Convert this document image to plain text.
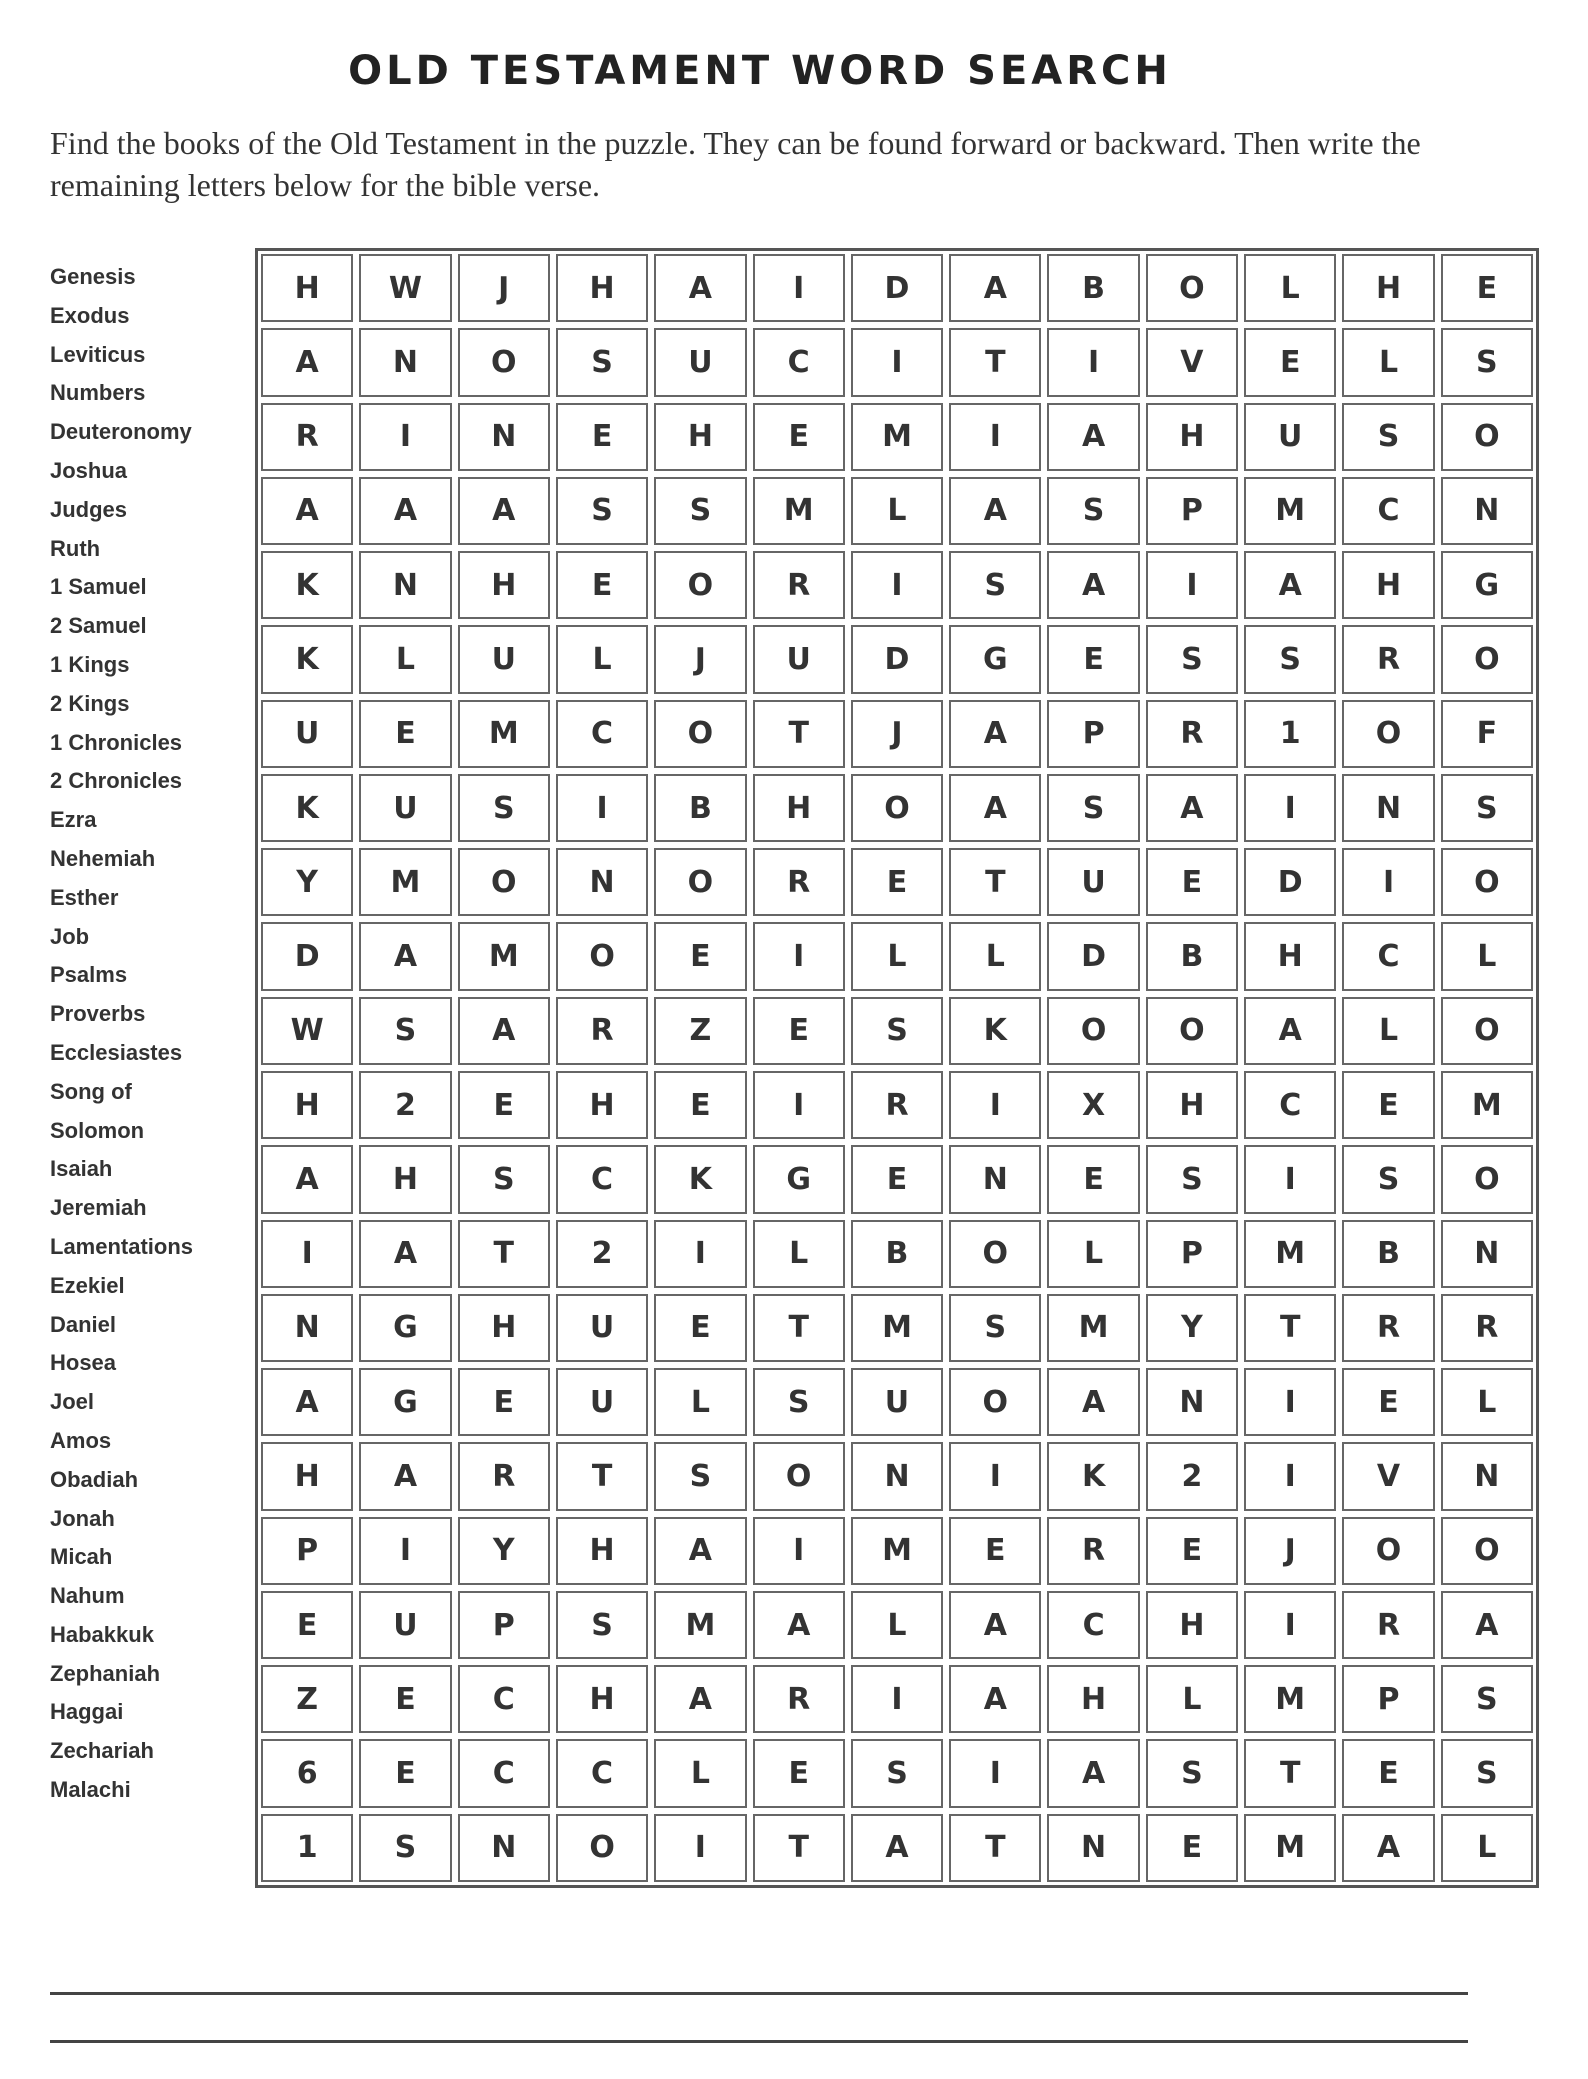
OLD TESTAMENT WORD SEARCH
Find the books of the Old Testament in the puzzle. They can be found forward or backward. Then write the remaining letters below for the bible verse.
Genesis
Exodus
Leviticus
Numbers
Deuteronomy
Joshua
Judges
Ruth
1 Samuel
2 Samuel
1 Kings
2 Kings
1 Chronicles
2 Chronicles
Ezra
Nehemiah
Esther
Job
Psalms
Proverbs
Ecclesiastes
Song of
Solomon
Isaiah
Jeremiah
Lamentations
Ezekiel
Daniel
Hosea
Joel
Amos
Obadiah
Jonah
Micah
Nahum
Habakkuk
Zephaniah
Haggai
Zechariah
Malachi
H	W	J	H	A	I	D	A	B	O	L	H	E
A	N	O	S	U	C	I	T	I	V	E	L	S
R	I	N	E	H	E	M	I	A	H	U	S	O
A	A	A	S	S	M	L	A	S	P	M	C	N
K	N	H	E	O	R	I	S	A	I	A	H	G
K	L	U	L	J	U	D	G	E	S	S	R	O
U	E	M	C	O	T	J	A	P	R	1	O	F
K	U	S	I	B	H	O	A	S	A	I	N	S
Y	M	O	N	O	R	E	T	U	E	D	I	O
D	A	M	O	E	I	L	L	D	B	H	C	L
W	S	A	R	Z	E	S	K	O	O	A	L	O
H	2	E	H	E	I	R	I	X	H	C	E	M
A	H	S	C	K	G	E	N	E	S	I	S	O
I	A	T	2	I	L	B	O	L	P	M	B	N
N	G	H	U	E	T	M	S	M	Y	T	R	R
A	G	E	U	L	S	U	O	A	N	I	E	L
H	A	R	T	S	O	N	I	K	2	I	V	N
P	I	Y	H	A	I	M	E	R	E	J	O	O
E	U	P	S	M	A	L	A	C	H	I	R	A
Z	E	C	H	A	R	I	A	H	L	M	P	S
6	E	C	C	L	E	S	I	A	S	T	E	S
1	S	N	O	I	T	A	T	N	E	M	A	L
